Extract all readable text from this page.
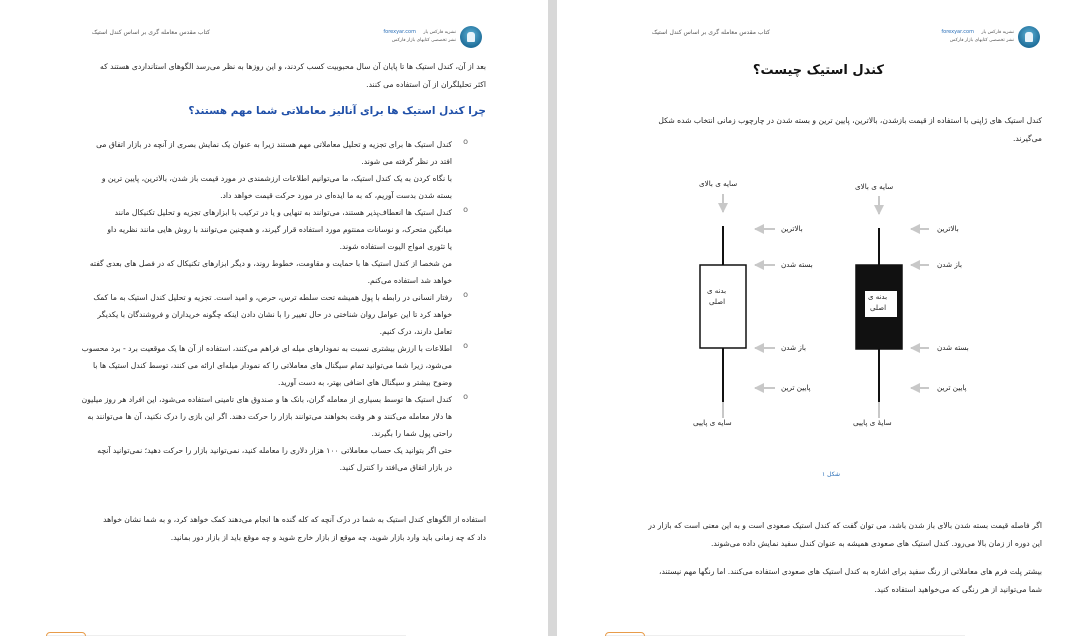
نشریه فارکس یار
نشر تخصصی کتابهای بازار فارکس
forexyar.com
کتاب مقدس معامله گری بر اساس کندل استیک
بعد از آن، کندل استیک ها تا پایان آن سال محبوبیت کسب کردند، و این روزها به نظر می‌رسد الگوهای استانداردی هستند که
اکثر تحلیلگران از آن استفاده می کنند.
چرا کندل استیک ها برای آنالیز معاملاتی شما مهم هستند؟
کندل استیک ها برای تجزیه و تحلیل معاملاتی مهم هستند زیرا به عنوان یک نمایش بصری از آنچه در بازار اتفاق می o
افتد در نظر گرفته می شوند.
با نگاه کردن به یک کندل استیک، ما می‌توانیم اطلاعات ارزشمندی در مورد قیمت باز شدن، بالاترین، پایین ترین و
بسته شدن بدست آوریم، که به ما ایده‌ای در مورد حرکت قیمت خواهد داد.
کندل استیک ها انعطاف‌پذیر هستند، می‌توانند به تنهایی و یا در ترکیب با ابزارهای تجزیه و تحلیل تکنیکال مانند o
میانگین متحرک، و نوسانات ممنتوم مورد استفاده قرار گیرند، و همچنین می‌توانند با روش هایی مانند نظریه داو
یا تئوری امواج الیوت استفاده شوند.
من شخصا از کندل استیک ها با حمایت و مقاومت، خطوط روند، و دیگر ابزارهای تکنیکال که در فصل های بعدی گفته
خواهد شد استفاده می‌کنم.
رفتار انسانی در رابطه با پول همیشه تحت سلطه ترس، حرص، و امید است. تجزیه و تحلیل کندل استیک به ما کمک o
خواهد کرد تا این عوامل روان شناختی در حال تغییر را با نشان دادن اینکه چگونه خریداران و فروشندگان با یکدیگر
تعامل دارند، درک کنیم.
اطلاعات با ارزش بیشتری نسبت به نمودارهای میله ای فراهم می‌کنند، استفاده از آن ها یک موقعیت برد - برد محسوب o
می‌شود، زیرا شما می‌توانید تمام سیگنال های معاملاتی را که نمودار میله‌ای ارائه می کنند، توسط کندل استیک ها با
وضوح بیشتر و سیگنال های اضافی بهتر، به دست آورید.
کندل استیک ها توسط بسیاری از معامله گران، بانک ها و صندوق های تامینی استفاده می‌شود، این افراد هر روز میلیون o
ها دلار معامله می‌کنند و هر وقت بخواهند می‌توانند بازار را حرکت دهند. اگر این بازی را درک نکنید، آن ها می‌توانند به
راحتی پول شما را بگیرند.
حتی اگر بتوانید یک حساب معاملاتی ۱۰۰ هزار دلاری را معامله کنید، نمی‌توانید بازار را حرکت دهید؛ نمی‌توانید آنچه
در بازار اتفاق می‌افتد را کنترل کنید.
استفاده از الگوهای کندل استیک به شما در درک آنچه که کله گنده ها انجام می‌دهند کمک خواهد کرد، و به شما نشان خواهد
داد که چه زمانی باید وارد بازار شوید، چه موقع از بازار خارج شوید و چه موقع باید از بازار دور بمانید.
نشریه فارکس یار
نشر تخصصی کتابهای بازار فارکس
forexyar.com
کتاب مقدس معامله گری بر اساس کندل استیک
کندل استیک چیست؟
کندل استیک های ژاپنی با استفاده از قیمت بازشدن، بالاترین، پایین ترین و بسته شدن در چارچوب زمانی انتخاب شده شکل
می‌گیرند.
سایه ی بالای
بالاترین
باز شدن
بدنه ی
اصلی
بسته شدن
پایین ترین
سایهٔ ی پاییی
سایه ی بالای
بالاترین
بسته شدن
بدنه ی
اصلی
باز شدن
پایین ترین
سایه ی پاییی
شکل ۱
اگر فاصله قیمت بسته شدن بالای باز شدن باشد، می توان گفت که کندل استیک صعودی است و به این معنی است که بازار در
این دوره از زمان بالا می‌رود. کندل استیک های صعودی همیشه به عنوان کندل سفید نمایش داده می‌شوند.
بیشتر پلت فرم های معاملاتی از رنگ سفید برای اشاره به کندل استیک های صعودی استفاده می‌کنند. اما رنگها مهم نیستند،
شما می‌توانید از هر رنگی که می‌خواهید استفاده کنید.
